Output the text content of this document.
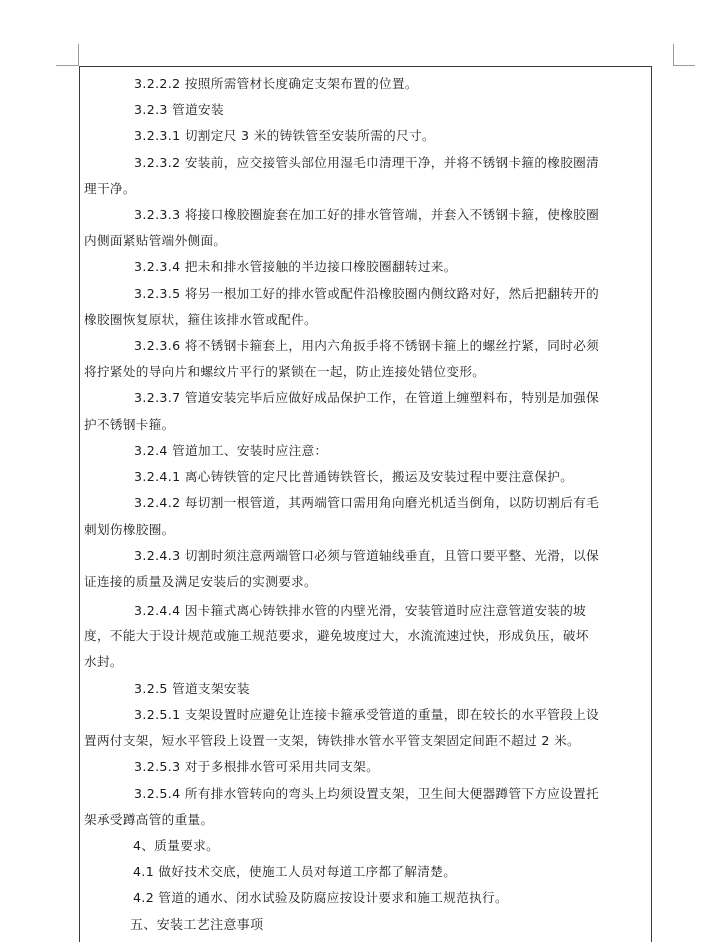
3.2.2.2 按照所需管材长度确定支架布置的位置。
3.2.3 管道安装
3.2.3.1 切割定尺 3 米的铸铁管至安装所需的尺寸。
3.2.3.2 安装前，应交接管头部位用湿毛巾清理干净，并将不锈钢卡箍的橡胶圈清
理干净。
3.2.3.3 将接口橡胶圈旋套在加工好的排水管管端，并套入不锈钢卡箍，使橡胶圈
内侧面紧贴管端外侧面。
3.2.3.4 把未和排水管接触的半边接口橡胶圈翻转过来。
3.2.3.5 将另一根加工好的排水管或配件沿橡胶圈内侧纹路对好，然后把翻转开的
橡胶圈恢复原状，箍住该排水管或配件。
3.2.3.6 将不锈钢卡箍套上，用内六角扳手将不锈钢卡箍上的螺丝拧紧，同时必须
将拧紧处的导向片和螺纹片平行的紧锁在一起，防止连接处错位变形。
3.2.3.7 管道安装完毕后应做好成品保护工作，在管道上缠塑料布，特别是加强保
护不锈钢卡箍。
3.2.4 管道加工、安装时应注意：
3.2.4.1 离心铸铁管的定尺比普通铸铁管长，搬运及安装过程中要注意保护。
3.2.4.2 每切割一根管道，其两端管口需用角向磨光机适当倒角，以防切割后有毛
刺划伤橡胶圈。
3.2.4.3 切割时须注意两端管口必须与管道轴线垂直，且管口要平整、光滑，以保
证连接的质量及满足安装后的实测要求。
3.2.4.4 因卡箍式离心铸铁排水管的内壁光滑，安装管道时应注意管道安装的坡
度，不能大于设计规范或施工规范要求，避免坡度过大，水流流速过快，形成负压，破坏
水封。
3.2.5 管道支架安装
3.2.5.1 支架设置时应避免让连接卡箍承受管道的重量，即在较长的水平管段上设
置两付支架，短水平管段上设置一支架，铸铁排水管水平管支架固定间距不超过 2 米。
3.2.5.3 对于多根排水管可采用共同支架。
3.2.5.4 所有排水管转向的弯头上均须设置支架，卫生间大便器蹲管下方应设置托
架承受蹲高管的重量。
4、质量要求。
4.1 做好技术交底，使施工人员对每道工序都了解清楚。
4.2 管道的通水、闭水试验及防腐应按设计要求和施工规范执行。
五、安装工艺注意事项
